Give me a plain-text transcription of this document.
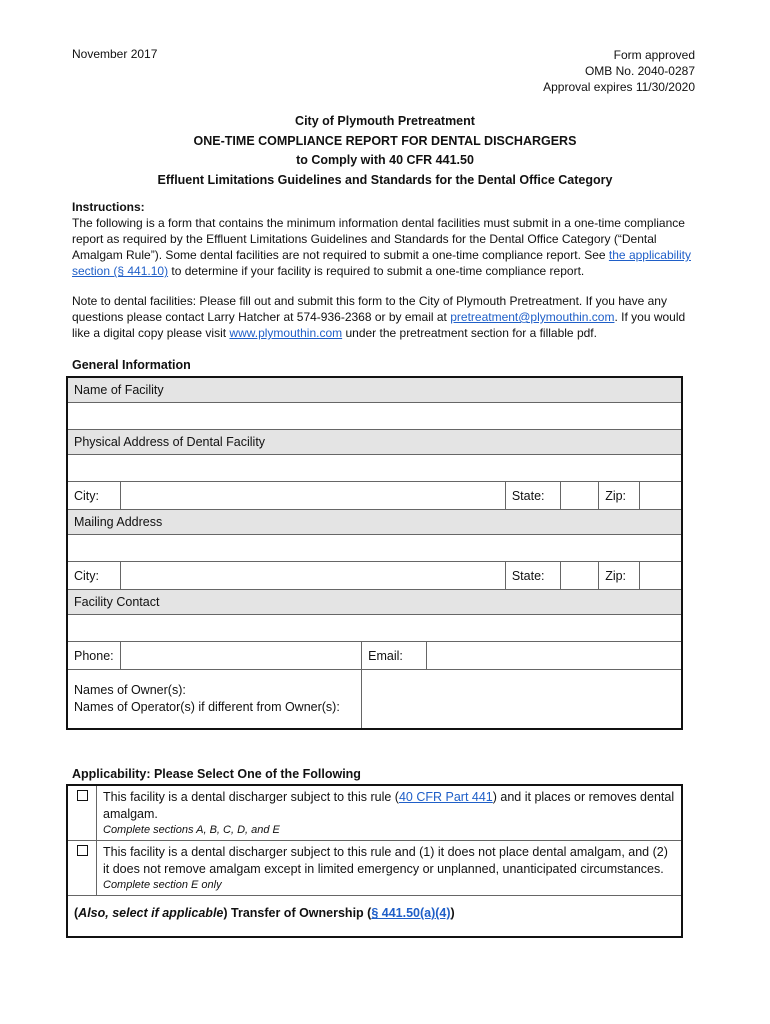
November 2017	Form approved
OMB No. 2040-0287
Approval expires 11/30/2020
City of Plymouth Pretreatment
ONE-TIME COMPLIANCE REPORT FOR DENTAL DISCHARGERS
to Comply with 40 CFR 441.50
Effluent Limitations Guidelines and Standards for the Dental Office Category
Instructions:
The following is a form that contains the minimum information dental facilities must submit in a one-time compliance report as required by the Effluent Limitations Guidelines and Standards for the Dental Office Category (“Dental Amalgam Rule”). Some dental facilities are not required to submit a one-time compliance report. See the applicability section (§ 441.10) to determine if your facility is required to submit a one-time compliance report.
Note to dental facilities: Please fill out and submit this form to the City of Plymouth Pretreatment. If you have any questions please contact Larry Hatcher at 574-936-2368 or by email at pretreatment@plymouthin.com. If you would like a digital copy please visit www.plymouthin.com under the pretreatment section for a fillable pdf.
General Information
Name of Facility

Physical Address of Dental Facility

City:		State:			Zip:	

Mailing Address

City:		State:			Zip:	

Facility Contact

Phone:		Email:	

Names of Owner(s):
Names of Operator(s) if different from Owner(s):

Applicability: Please Select One of the Following

	This facility is a dental discharger subject to this rule (40 CFR Part 441) and it places or removes dental amalgam.
Complete sections A, B, C, D, and E

	This facility is a dental discharger subject to this rule and (1) it does not place dental amalgam, and (2) it does not remove amalgam except in limited emergency or unplanned, unanticipated circumstances.
Complete section E only

(Also, select if applicable) Transfer of Ownership (§ 441.50(a)(4))	
